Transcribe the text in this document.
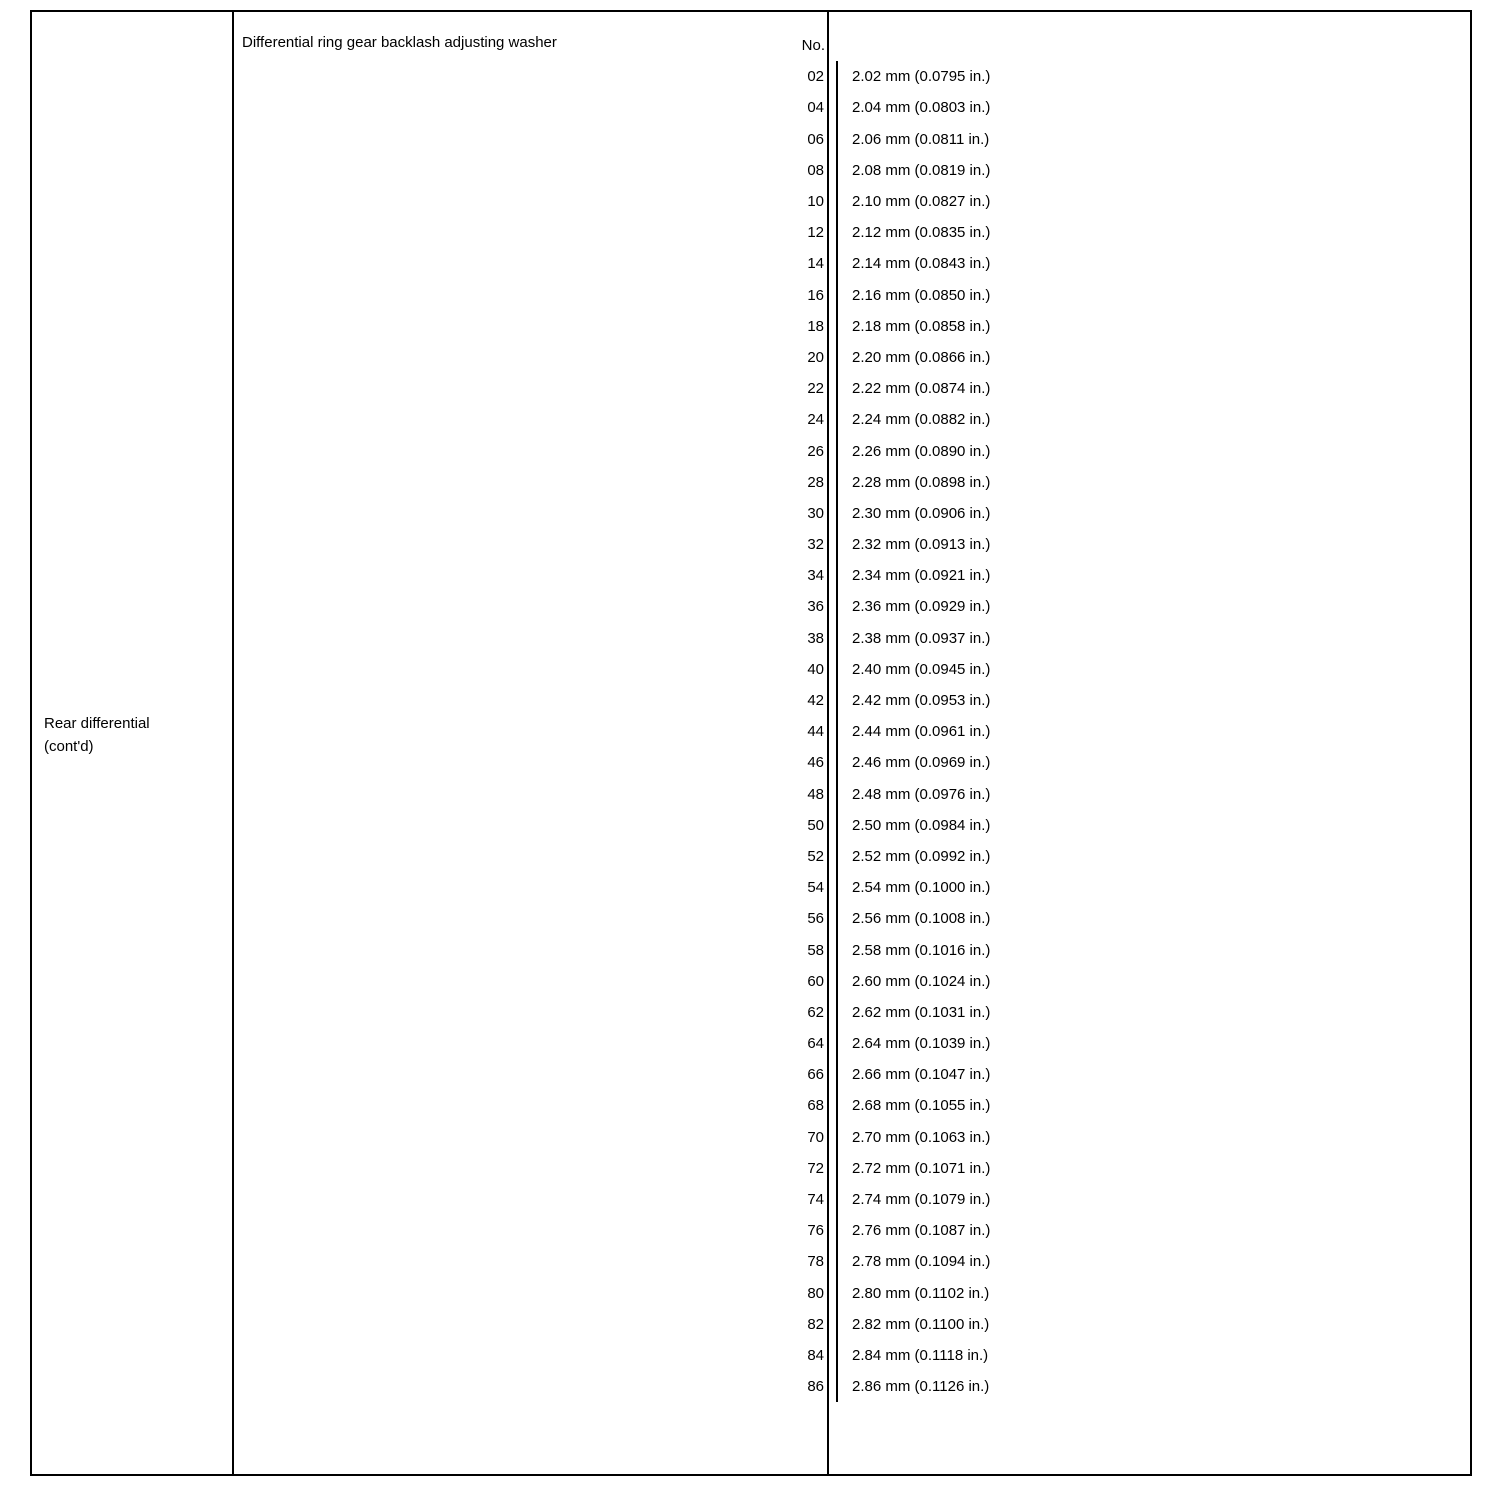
Rear differential
(cont'd)
Differential ring gear backlash adjusting washer	No.	
02	2.02 mm (0.0795 in.)
04	2.04 mm (0.0803 in.)
06	2.06 mm (0.0811 in.)
08	2.08 mm (0.0819 in.)
10	2.10 mm (0.0827 in.)
12	2.12 mm (0.0835 in.)
14	2.14 mm (0.0843 in.)
16	2.16 mm (0.0850 in.)
18	2.18 mm (0.0858 in.)
20	2.20 mm (0.0866 in.)
22	2.22 mm (0.0874 in.)
24	2.24 mm (0.0882 in.)
26	2.26 mm (0.0890 in.)
28	2.28 mm (0.0898 in.)
30	2.30 mm (0.0906 in.)
32	2.32 mm (0.0913 in.)
34	2.34 mm (0.0921 in.)
36	2.36 mm (0.0929 in.)
38	2.38 mm (0.0937 in.)
40	2.40 mm (0.0945 in.)
42	2.42 mm (0.0953 in.)
44	2.44 mm (0.0961 in.)
46	2.46 mm (0.0969 in.)
48	2.48 mm (0.0976 in.)
50	2.50 mm (0.0984 in.)
52	2.52 mm (0.0992 in.)
54	2.54 mm (0.1000 in.)
56	2.56 mm (0.1008 in.)
58	2.58 mm (0.1016 in.)
60	2.60 mm (0.1024 in.)
62	2.62 mm (0.1031 in.)
64	2.64 mm (0.1039 in.)
66	2.66 mm (0.1047 in.)
68	2.68 mm (0.1055 in.)
70	2.70 mm (0.1063 in.)
72	2.72 mm (0.1071 in.)
74	2.74 mm (0.1079 in.)
76	2.76 mm (0.1087 in.)
78	2.78 mm (0.1094 in.)
80	2.80 mm (0.1102 in.)
82	2.82 mm (0.1100 in.)
84	2.84 mm (0.1118 in.)
86	2.86 mm (0.1126 in.)
